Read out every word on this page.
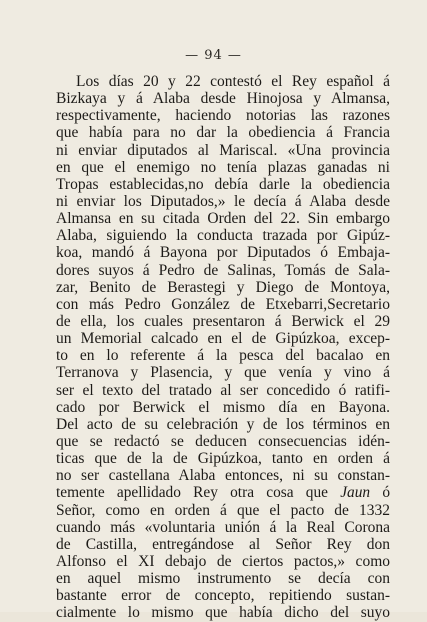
— 94 —
Los días 20 y 22 contestó el Rey español á
Bizkaya y á Alaba desde Hinojosa y Almansa,
respectivamente, haciendo notorias las razones
que había para no dar la obediencia á Francia
ni enviar diputados al Mariscal. «Una provincia
en que el enemigo no tenía plazas ganadas ni
Tropas establecidas,no debía darle la obediencia
ni enviar los Diputados,» le decía á Alaba desde
Almansa en su citada Orden del 22. Sin embargo
Alaba, siguiendo la conducta trazada por Gipúz-
koa, mandó á Bayona por Diputados ó Embaja-
dores suyos á Pedro de Salinas, Tomás de Sala-
zar, Benito de Berastegi y Diego de Montoya,
con más Pedro González de Etxebarri,Secretario
de ella, los cuales presentaron á Berwick el 29
un Memorial calcado en el de Gipúzkoa, excep-
to en lo referente á la pesca del bacalao en
Terranova y Plasencia, y que venía y vino á
ser el texto del tratado al ser concedido ó ratifi-
cado por Berwick el mismo día en Bayona.
Del acto de su celebración y de los términos en
que se redactó se deducen consecuencias idén-
ticas que de la de Gipúzkoa, tanto en orden á
no ser castellana Alaba entonces, ni su constan-
temente apellidado Rey otra cosa que Jaun ó
Señor, como en orden á que el pacto de 1332
cuando más «voluntaria unión á la Real Corona
de Castilla, entregándose al Señor Rey don
Alfonso el XI debajo de ciertos pactos,» como
en aquel mismo instrumento se decía con
bastante error de concepto, repitiendo sustan-
cialmente lo mismo que había dicho del suyo
